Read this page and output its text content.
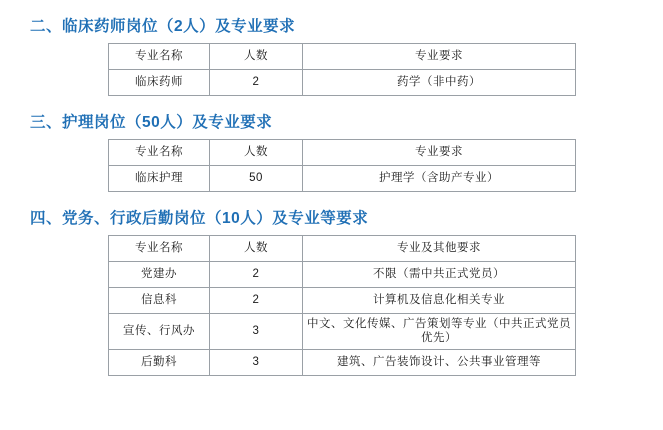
二、临床药师岗位（2人）及专业要求
专业名称	人数	专业要求
临床药师	2	药学（非中药）
三、护理岗位（50人）及专业要求
专业名称	人数	专业要求
临床护理	50	护理学（含助产专业）
四、党务、行政后勤岗位（10人）及专业等要求
专业名称	人数	专业及其他要求
党建办	2	不限（需中共正式党员）
信息科	2	计算机及信息化相关专业
宣传、行风办	3	中文、文化传媒、广告策划等专业（中共正式党员优先）
后勤科	3	建筑、广告装饰设计、公共事业管理等
